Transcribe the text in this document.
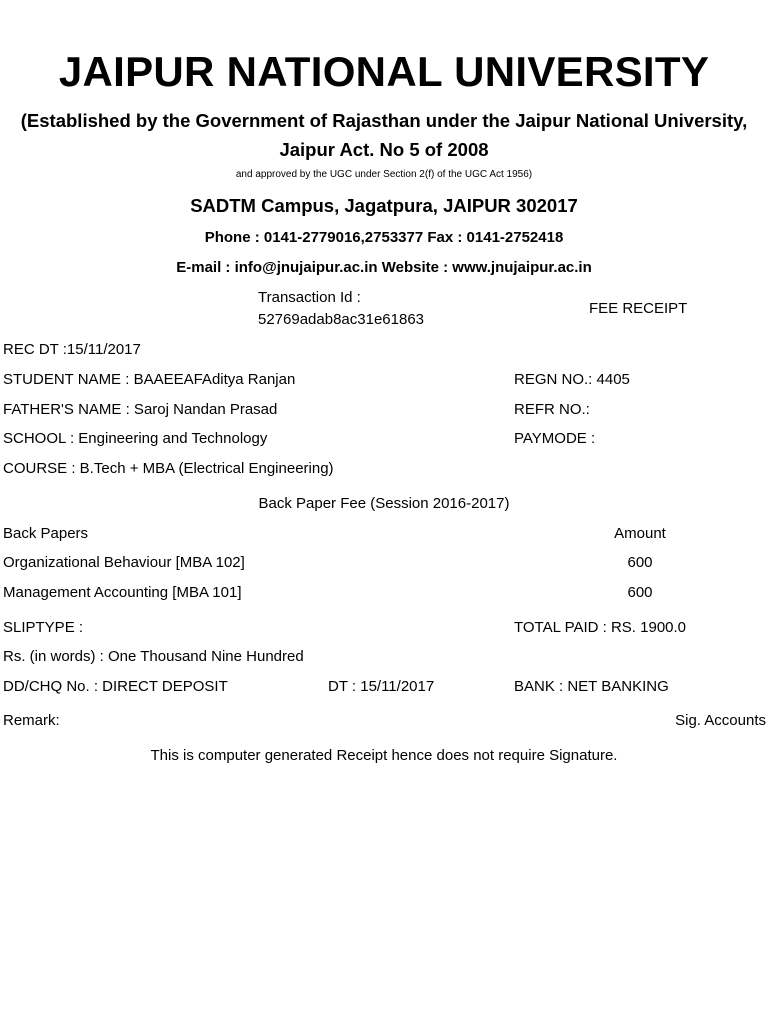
JAIPUR NATIONAL UNIVERSITY
(Established by the Government of Rajasthan under the Jaipur National University,
Jaipur Act. No 5 of 2008
and approved by the UGC under Section 2(f) of the UGC Act 1956)
SADTM Campus, Jagatpura, JAIPUR 302017
Phone : 0141-2779016,2753377 Fax : 0141-2752418
E-mail : info@jnujaipur.ac.in Website : www.jnujaipur.ac.in
Transaction Id :
52769adab8ac31e61863
FEE RECEIPT
REC DT :15/11/2017
STUDENT NAME : BAAEEAFAditya Ranjan	REGN NO.: 4405
FATHER'S NAME : Saroj Nandan Prasad	REFR NO.:
SCHOOL : Engineering and Technology	PAYMODE :
COURSE : B.Tech + MBA (Electrical Engineering)
Back Paper Fee (Session 2016-2017)
Back Papers	Amount
Organizational Behaviour [MBA 102]	600
Management Accounting [MBA 101]	600
SLIPTYPE :	TOTAL PAID : RS. 1900.0
Rs. (in words) : One Thousand Nine Hundred
DD/CHQ No. : DIRECT DEPOSIT	DT : 15/11/2017	BANK : NET BANKING
Remark:	Sig. Accounts
This is computer generated Receipt hence does not require Signature.
